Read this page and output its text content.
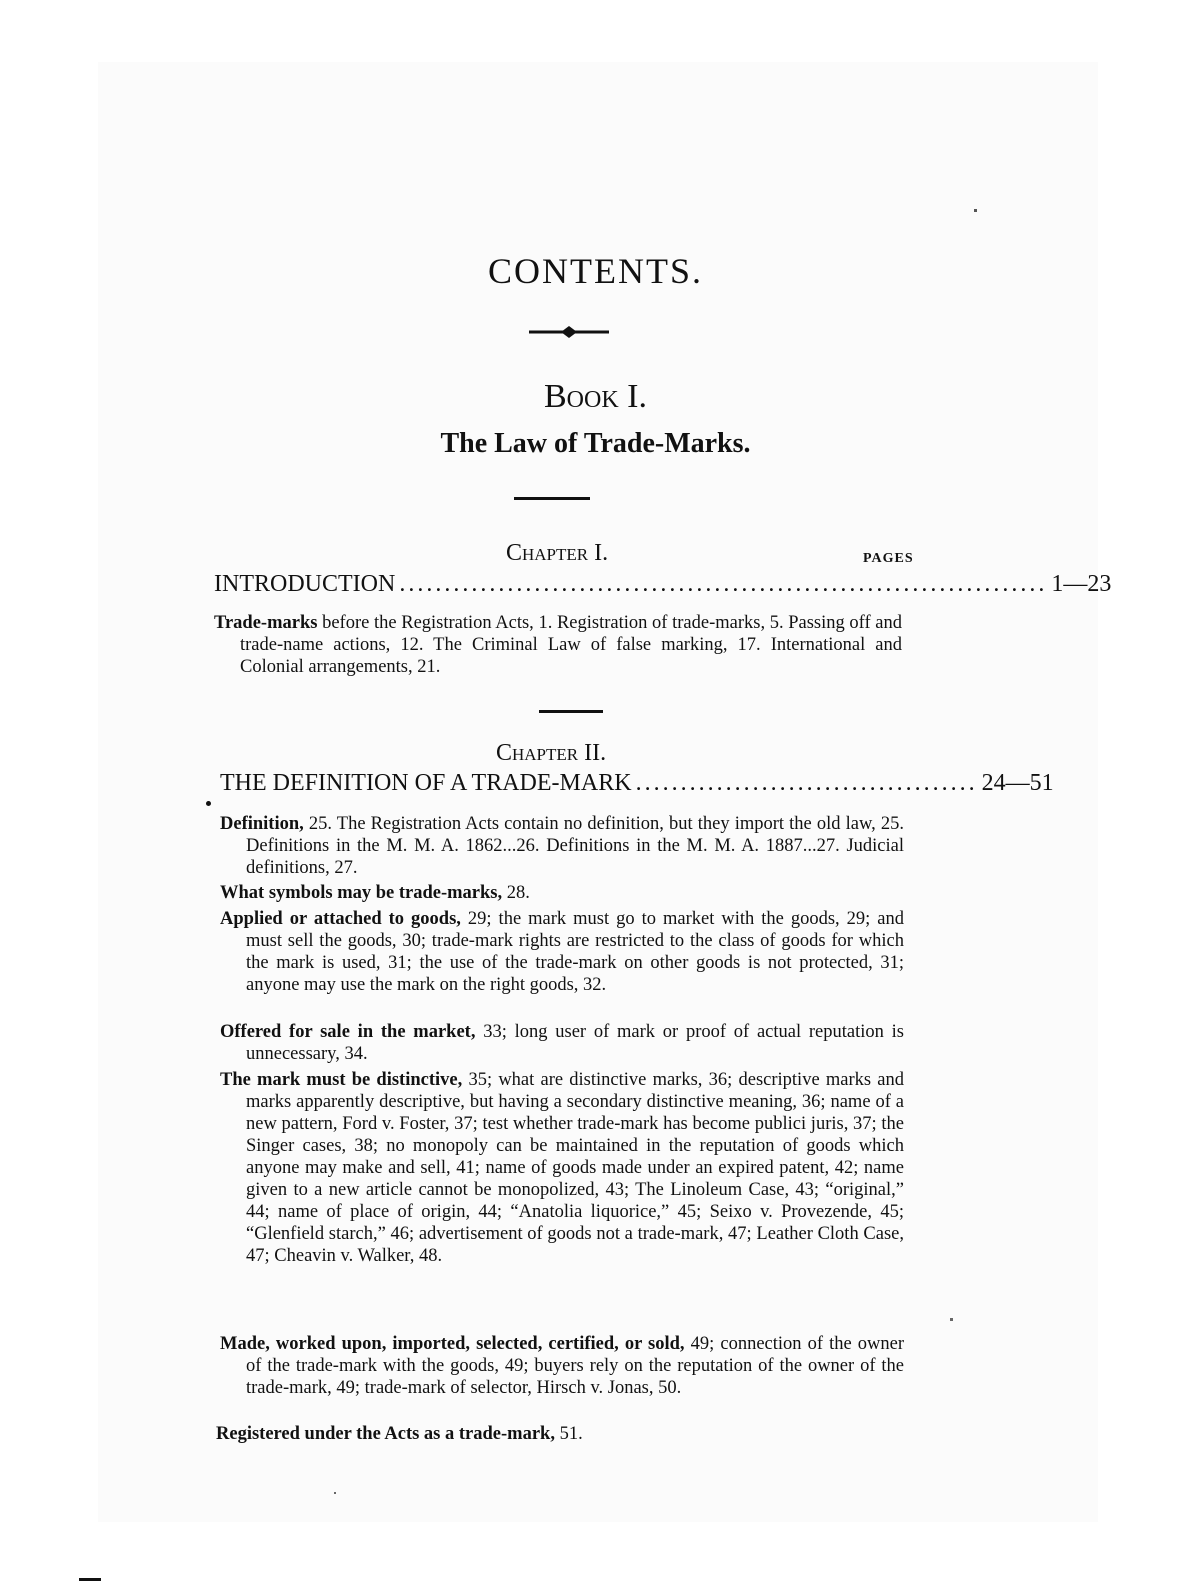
CONTENTS.
Book I.
The Law of Trade-Marks.
Chapter I.	PAGES
INTRODUCTION ........................................................................ 1—23

Trade-marks before the Registration Acts, 1. Registration of trade-marks, 5. Passing off and trade-name actions, 12. The Criminal Law of false marking, 17. International and Colonial arrangements, 21.

Chapter II.
THE DEFINITION OF A TRADE-MARK ...................................... 24—51

Definition, 25. The Registration Acts contain no definition, but they import the old law, 25. Definitions in the M. M. A. 1862...26. Definitions in the M. M. A. 1887...27. Judicial definitions, 27.

What symbols may be trade-marks, 28.

Applied or attached to goods, 29; the mark must go to market with the goods, 29; and must sell the goods, 30; trade-mark rights are restricted to the class of goods for which the mark is used, 31; the use of the trade-mark on other goods is not protected, 31; anyone may use the mark on the right goods, 32.

Offered for sale in the market, 33; long user of mark or proof of actual reputation is unnecessary, 34.

The mark must be distinctive, 35; what are distinctive marks, 36; descriptive marks and marks apparently descriptive, but having a secondary distinctive meaning, 36; name of a new pattern, Ford v. Foster, 37; test whether trade-mark has become publici juris, 37; the Singer cases, 38; no monopoly can be maintained in the reputation of goods which anyone may make and sell, 41; name of goods made under an expired patent, 42; name given to a new article cannot be monopolized, 43; The Linoleum Case, 43; “original,” 44; name of place of origin, 44; “Anatolia liquorice,” 45; Seixo v. Provezende, 45; “Glenfield starch,” 46; advertisement of goods not a trade-mark, 47; Leather Cloth Case, 47; Cheavin v. Walker, 48.

Made, worked upon, imported, selected, certified, or sold, 49; connection of the owner of the trade-mark with the goods, 49; buyers rely on the reputation of the owner of the trade-mark, 49; trade-mark of selector, Hirsch v. Jonas, 50.

Registered under the Acts as a trade-mark, 51.
